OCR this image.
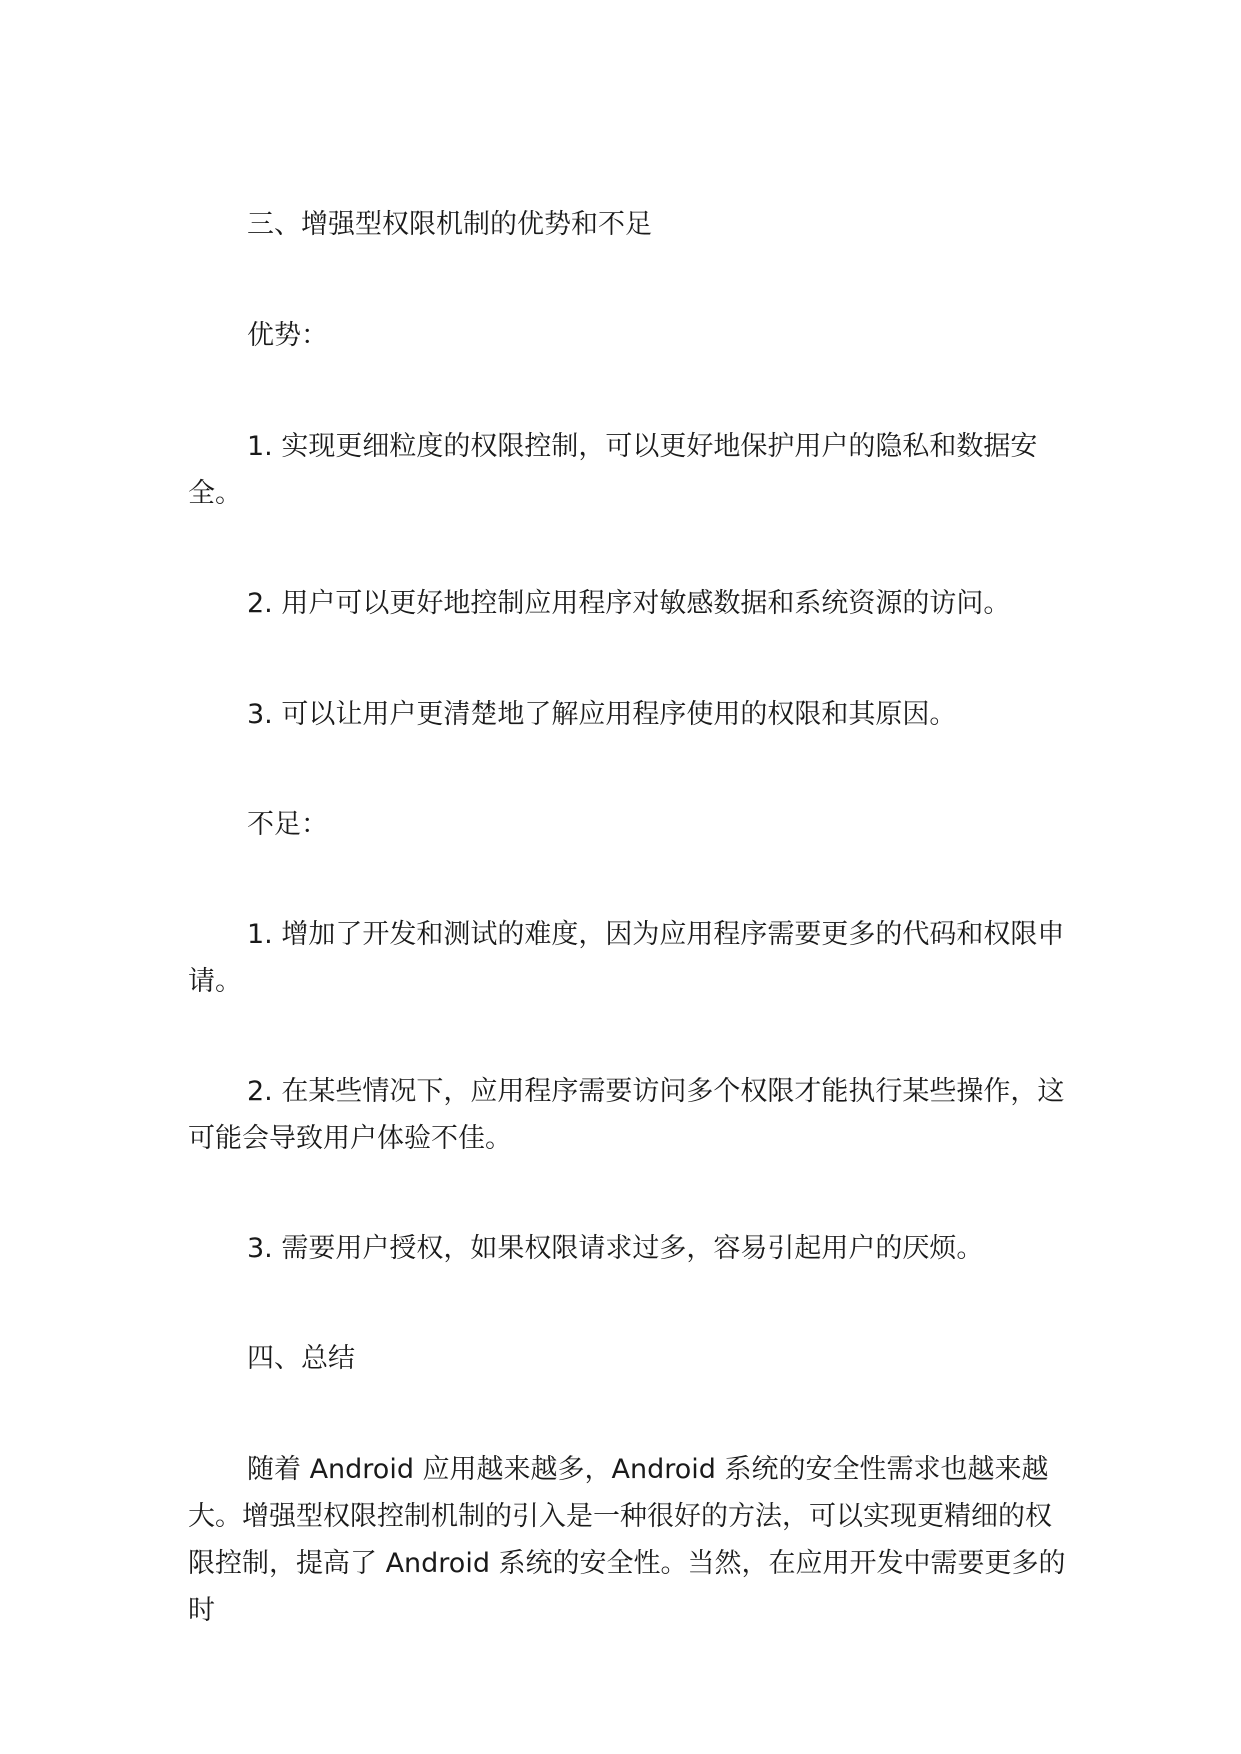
三、增强型权限机制的优势和不足

优势：

1. 实现更细粒度的权限控制，可以更好地保护用户的隐私和数据安全。

2. 用户可以更好地控制应用程序对敏感数据和系统资源的访问。

3. 可以让用户更清楚地了解应用程序使用的权限和其原因。

不足：

1. 增加了开发和测试的难度，因为应用程序需要更多的代码和权限申请。

2. 在某些情况下，应用程序需要访问多个权限才能执行某些操作，这可能会导致用户体验不佳。

3. 需要用户授权，如果权限请求过多，容易引起用户的厌烦。

四、总结

随着 Android 应用越来越多，Android 系统的安全性需求也越来越大。增强型权限控制机制的引入是一种很好的方法，可以实现更精细的权限控制，提高了 Android 系统的安全性。当然，在应用开发中需要更多的时
